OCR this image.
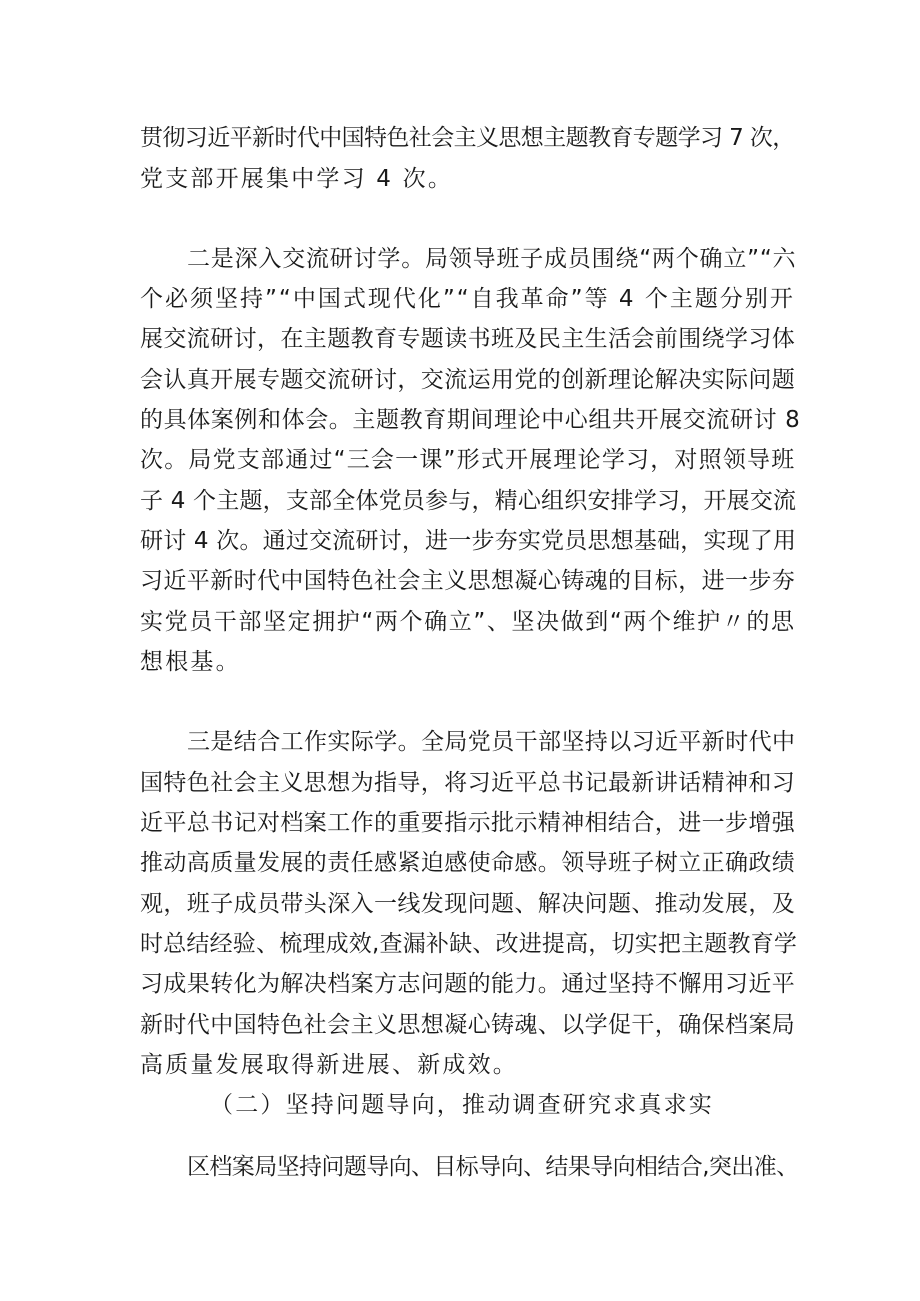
贯彻习近平新时代中国特色社会主义思想主题教育专题学习 7 次，
党支部开展集中学习 4 次。
二是深入交流研讨学。局领导班子成员围绕“两个确立”“六
个必须坚持”“中国式现代化”“自我革命”等 4 个主题分别开
展交流研讨，在主题教育专题读书班及民主生活会前围绕学习体
会认真开展专题交流研讨，交流运用党的创新理论解决实际问题
的具体案例和体会。主题教育期间理论中心组共开展交流研讨 8
次。局党支部通过“三会一课”形式开展理论学习，对照领导班
子 4 个主题，支部全体党员参与，精心组织安排学习，开展交流
研讨 4 次。通过交流研讨，进一步夯实党员思想基础，实现了用
习近平新时代中国特色社会主义思想凝心铸魂的目标，进一步夯
实党员干部坚定拥护“两个确立”、坚决做到“两个维护〃的思
想根基。
三是结合工作实际学。全局党员干部坚持以习近平新时代中
国特色社会主义思想为指导，将习近平总书记最新讲话精神和习
近平总书记对档案工作的重要指示批示精神相结合，进一步增强
推动高质量发展的责任感紧迫感使命感。领导班子树立正确政绩
观，班子成员带头深入一线发现问题、解决问题、推动发展，及
时总结经验、梳理成效,查漏补缺、改进提高，切实把主题教育学
习成果转化为解决档案方志问题的能力。通过坚持不懈用习近平
新时代中国特色社会主义思想凝心铸魂、以学促干，确保档案局
高质量发展取得新进展、新成效。
（二）坚持问题导向，推动调查研究求真求实
区档案局坚持问题导向、目标导向、结果导向相结合,突出准、
